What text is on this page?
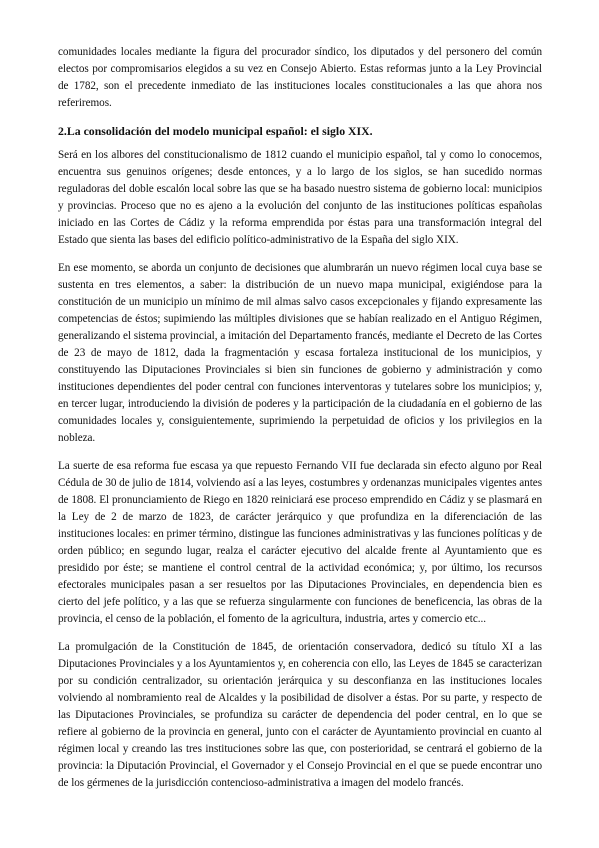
comunidades locales mediante la figura del procurador síndico, los diputados y del personero del común electos por compromisarios elegidos a su vez en Consejo Abierto. Estas reformas junto a la Ley Provincial de 1782, son el precedente inmediato de las instituciones locales constitucionales a las que ahora nos referiremos.

2.La consolidación del modelo municipal español: el siglo XIX.

Será en los albores del constitucionalismo de 1812 cuando el municipio español, tal y como lo conocemos, encuentra sus genuinos orígenes; desde entonces, y a lo largo de los siglos, se han sucedido normas reguladoras del doble escalón local sobre las que se ha basado nuestro sistema de gobierno local: municipios y provincias. Proceso que no es ajeno a la evolución del conjunto de las instituciones políticas españolas iniciado en las Cortes de Cádiz y la reforma emprendida por éstas para una transformación integral del Estado que sienta las bases del edificio político-administrativo de la España del siglo XIX.

En ese momento, se aborda un conjunto de decisiones que alumbrarán un nuevo régimen local cuya base se sustenta en tres elementos, a saber: la distribución de un nuevo mapa municipal, exigiéndose para la constitución de un municipio un mínimo de mil almas salvo casos excepcionales y fijando expresamente las competencias de éstos; supimiendo las múltiples divisiones que se habían realizado en el Antiguo Régimen, generalizando el sistema provincial, a imitación del Departamento francés, mediante el Decreto de las Cortes de 23 de mayo de 1812, dada la fragmentación y escasa fortaleza institucional de los municipios, y constituyendo las Diputaciones Provinciales si bien sin funciones de gobierno y administración y como instituciones dependientes del poder central con funciones interventoras y tutelares sobre los municipios; y, en tercer lugar, introduciendo la división de poderes y la participación de la ciudadanía en el gobierno de las comunidades locales y, consiguientemente, suprimiendo la perpetuidad de oficios y los privilegios en la nobleza.

La suerte de esa reforma fue escasa ya que repuesto Fernando VII fue declarada sin efecto alguno por Real Cédula de 30 de julio de 1814, volviendo así a las leyes, costumbres y ordenanzas municipales vigentes antes de 1808. El pronunciamiento de Riego en 1820 reiniciará ese proceso emprendido en Cádiz y se plasmará en la Ley de 2 de marzo de 1823, de carácter jerárquico y que profundiza en la diferenciación de las instituciones locales: en primer término, distingue las funciones administrativas y las funciones políticas y de orden público; en segundo lugar, realza el carácter ejecutivo del alcalde frente al Ayuntamiento que es presidido por éste; se mantiene el control central de la actividad económica; y, por último, los recursos efectorales municipales pasan a ser resueltos por las Diputaciones Provinciales, en dependencia bien es cierto del jefe político, y a las que se refuerza singularmente con funciones de beneficencia, las obras de la provincia, el censo de la población, el fomento de la agricultura, industria, artes y comercio etc...

La promulgación de la Constitución de 1845, de orientación conservadora, dedicó su título XI a las Diputaciones Provinciales y a los Ayuntamientos y, en coherencia con ello, las Leyes de 1845 se caracterizan por su condición centralizador, su orientación jerárquica y su desconfianza en las instituciones locales volviendo al nombramiento real de Alcaldes y la posibilidad de disolver a éstas. Por su parte, y respecto de las Diputaciones Provinciales, se profundiza su carácter de dependencia del poder central, en lo que se refiere al gobierno de la provincia en general, junto con el carácter de Ayuntamiento provincial en cuanto al régimen local y creando las tres instituciones sobre las que, con posterioridad, se centrará el gobierno de la provincia: la Diputación Provincial, el Governador y el Consejo Provincial en el que se puede encontrar uno de los gérmenes de la jurisdicción contencioso-administrativa a imagen del modelo francés.
